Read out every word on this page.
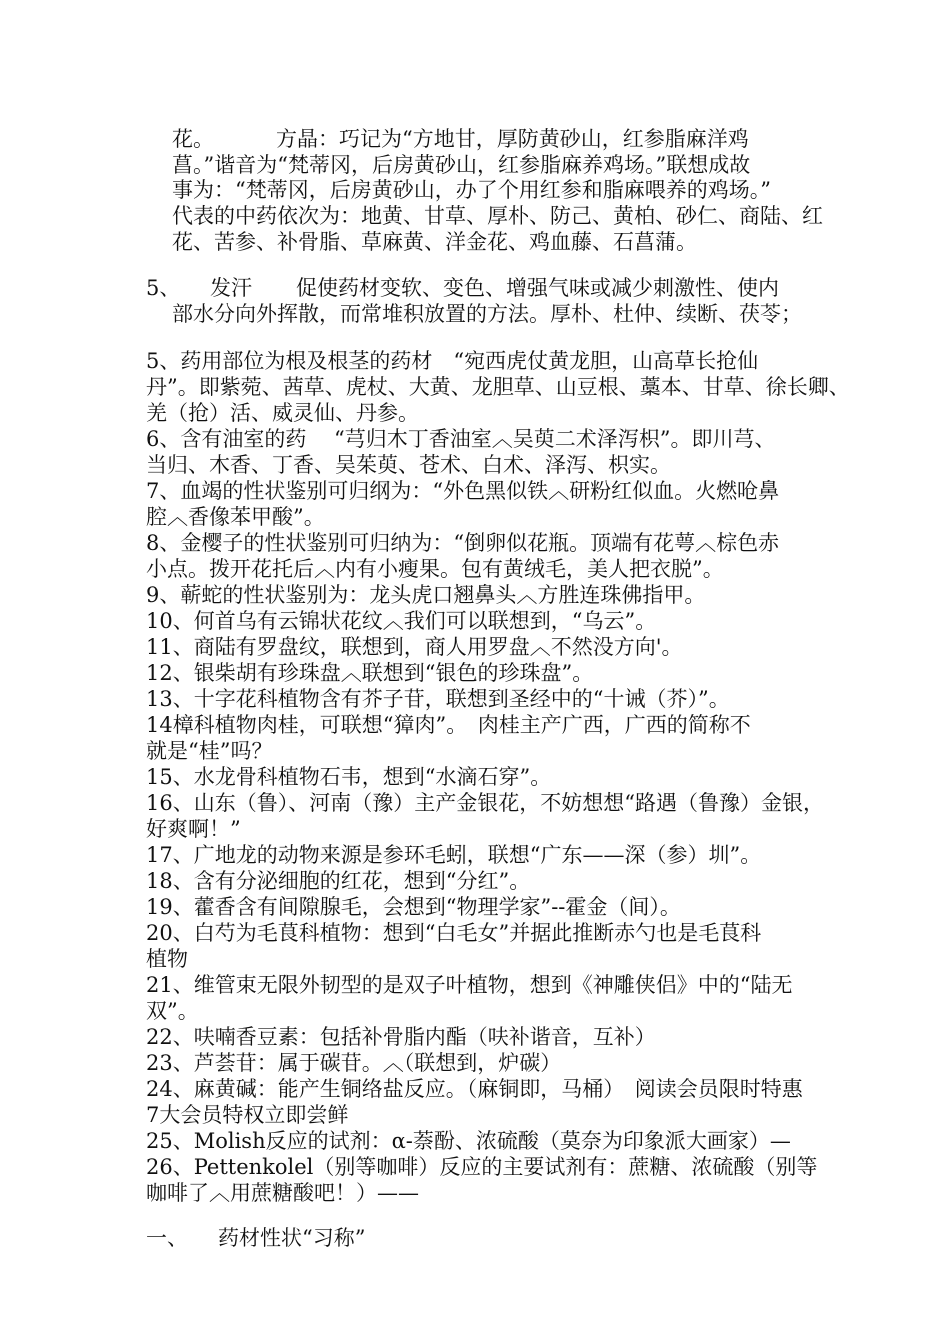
花。	方晶：巧记为“方地甘，厚防黄砂山，红参脂麻洋鸡
菖。”谐音为“梵蒂冈，后房黄砂山，红参脂麻养鸡场。”联想成故
事为：“梵蒂冈，后房黄砂山，办了个用红参和脂麻喂养的鸡场。”
代表的中药依次为：地黄、甘草、厚朴、防己、黄柏、砂仁、商陆、红
花、苦参、补骨脂、草麻黄、洋金花、鸡血藤、石菖蒲。
5、 发汗 促使药材变软、变色、增强气味或减少刺激性、使内
部水分向外挥散，而常堆积放置的方法。厚朴、杜仲、续断、茯苓；
5、药用部位为根及根茎的药材　“宛西虎仗黄龙胆，山高草长抢仙
丹”。即紫菀、茜草、虎杖、大黄、龙胆草、山豆根、藁本、甘草、徐长卿、
羌（抢）活、威灵仙、丹参。
6、含有油室的药　 “芎归木丁香油室︿吴萸二术泽泻枳”。即川芎、
当归、木香、丁香、吴茱萸、苍术、白术、泽泻、枳实。
7、血竭的性状鉴别可归纲为：“外色黑似铁︿研粉红似血。火燃呛鼻
腔︿香像苯甲酸”。
8、金樱子的性状鉴别可归纳为：“倒卵似花瓶。顶端有花萼︿棕色赤
小点。拨开花托后︿内有小瘦果。包有黄绒毛，美人把衣脱”。
9、蕲蛇的性状鉴别为：龙头虎口翘鼻头︿方胜连珠佛指甲。
10、何首乌有云锦状花纹︿我们可以联想到，“乌云”。
11、商陆有罗盘纹，联想到，商人用罗盘︿不然没方向'。
12、银柴胡有珍珠盘︿联想到“银色的珍珠盘”。
13、十字花科植物含有芥子苷，联想到圣经中的“十诫（芥）”。
14樟科植物肉桂，可联想“獐肉”。　肉桂主产广西，广西的简称不
就是“桂”吗？
15、水龙骨科植物石韦，想到“水滴石穿”。
16、山东（鲁）、河南（豫）主产金银花，不妨想想“路遇（鲁豫）金银，
好爽啊！”
17、广地龙的动物来源是参环毛蚓，联想“广东——深（参）圳”。
18、含有分泌细胞的红花，想到“分红”。
19、藿香含有间隙腺毛，会想到“物理学家”--霍金（间）。
20、白芍为毛茛科植物：想到“白毛女”并据此推断赤勺也是毛茛科
植物
21、维管束无限外韧型的是双子叶植物，想到《神雕侠侣》中的“陆无
双”。
22、呋喃香豆素：包括补骨脂内酯（呋补谐音，互补）
23、芦荟苷：属于碳苷。︿（联想到，炉碳）
24、麻黄碱：能产生铜络盐反应。（麻铜即，马桶）　阅读会员限时特惠
7大会员特权立即尝鲜
25、Molish反应的试剂：α-萘酚、浓硫酸（莫奈为印象派大画家）—
26、Pettenkolel（别等咖啡）反应的主要试剂有：蔗糖、浓硫酸（别等
咖啡了︿用蔗糖酸吧！）——
一、 药材性状“习称”
